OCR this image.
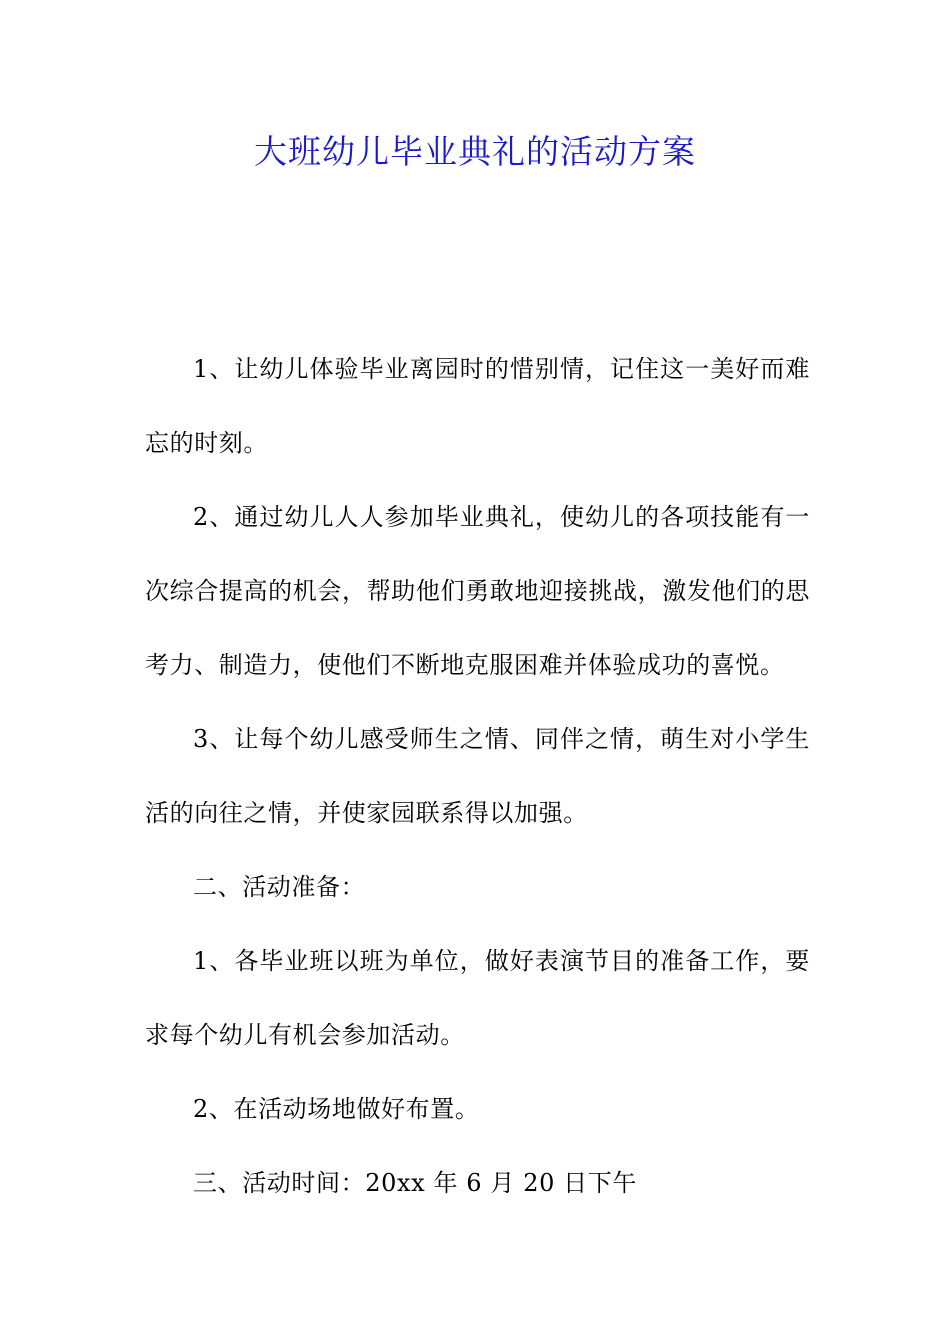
大班幼儿毕业典礼的活动方案

1、让幼儿体验毕业离园时的惜别情，记住这一美好而难忘的时刻。

2、通过幼儿人人参加毕业典礼，使幼儿的各项技能有一次综合提高的机会，帮助他们勇敢地迎接挑战，激发他们的思考力、制造力，使他们不断地克服困难并体验成功的喜悦。

3、让每个幼儿感受师生之情、同伴之情，萌生对小学生活的向往之情，并使家园联系得以加强。

二、活动准备：

1、各毕业班以班为单位，做好表演节目的准备工作，要求每个幼儿有机会参加活动。

2、在活动场地做好布置。

三、活动时间：20xx 年 6 月 20 日下午
